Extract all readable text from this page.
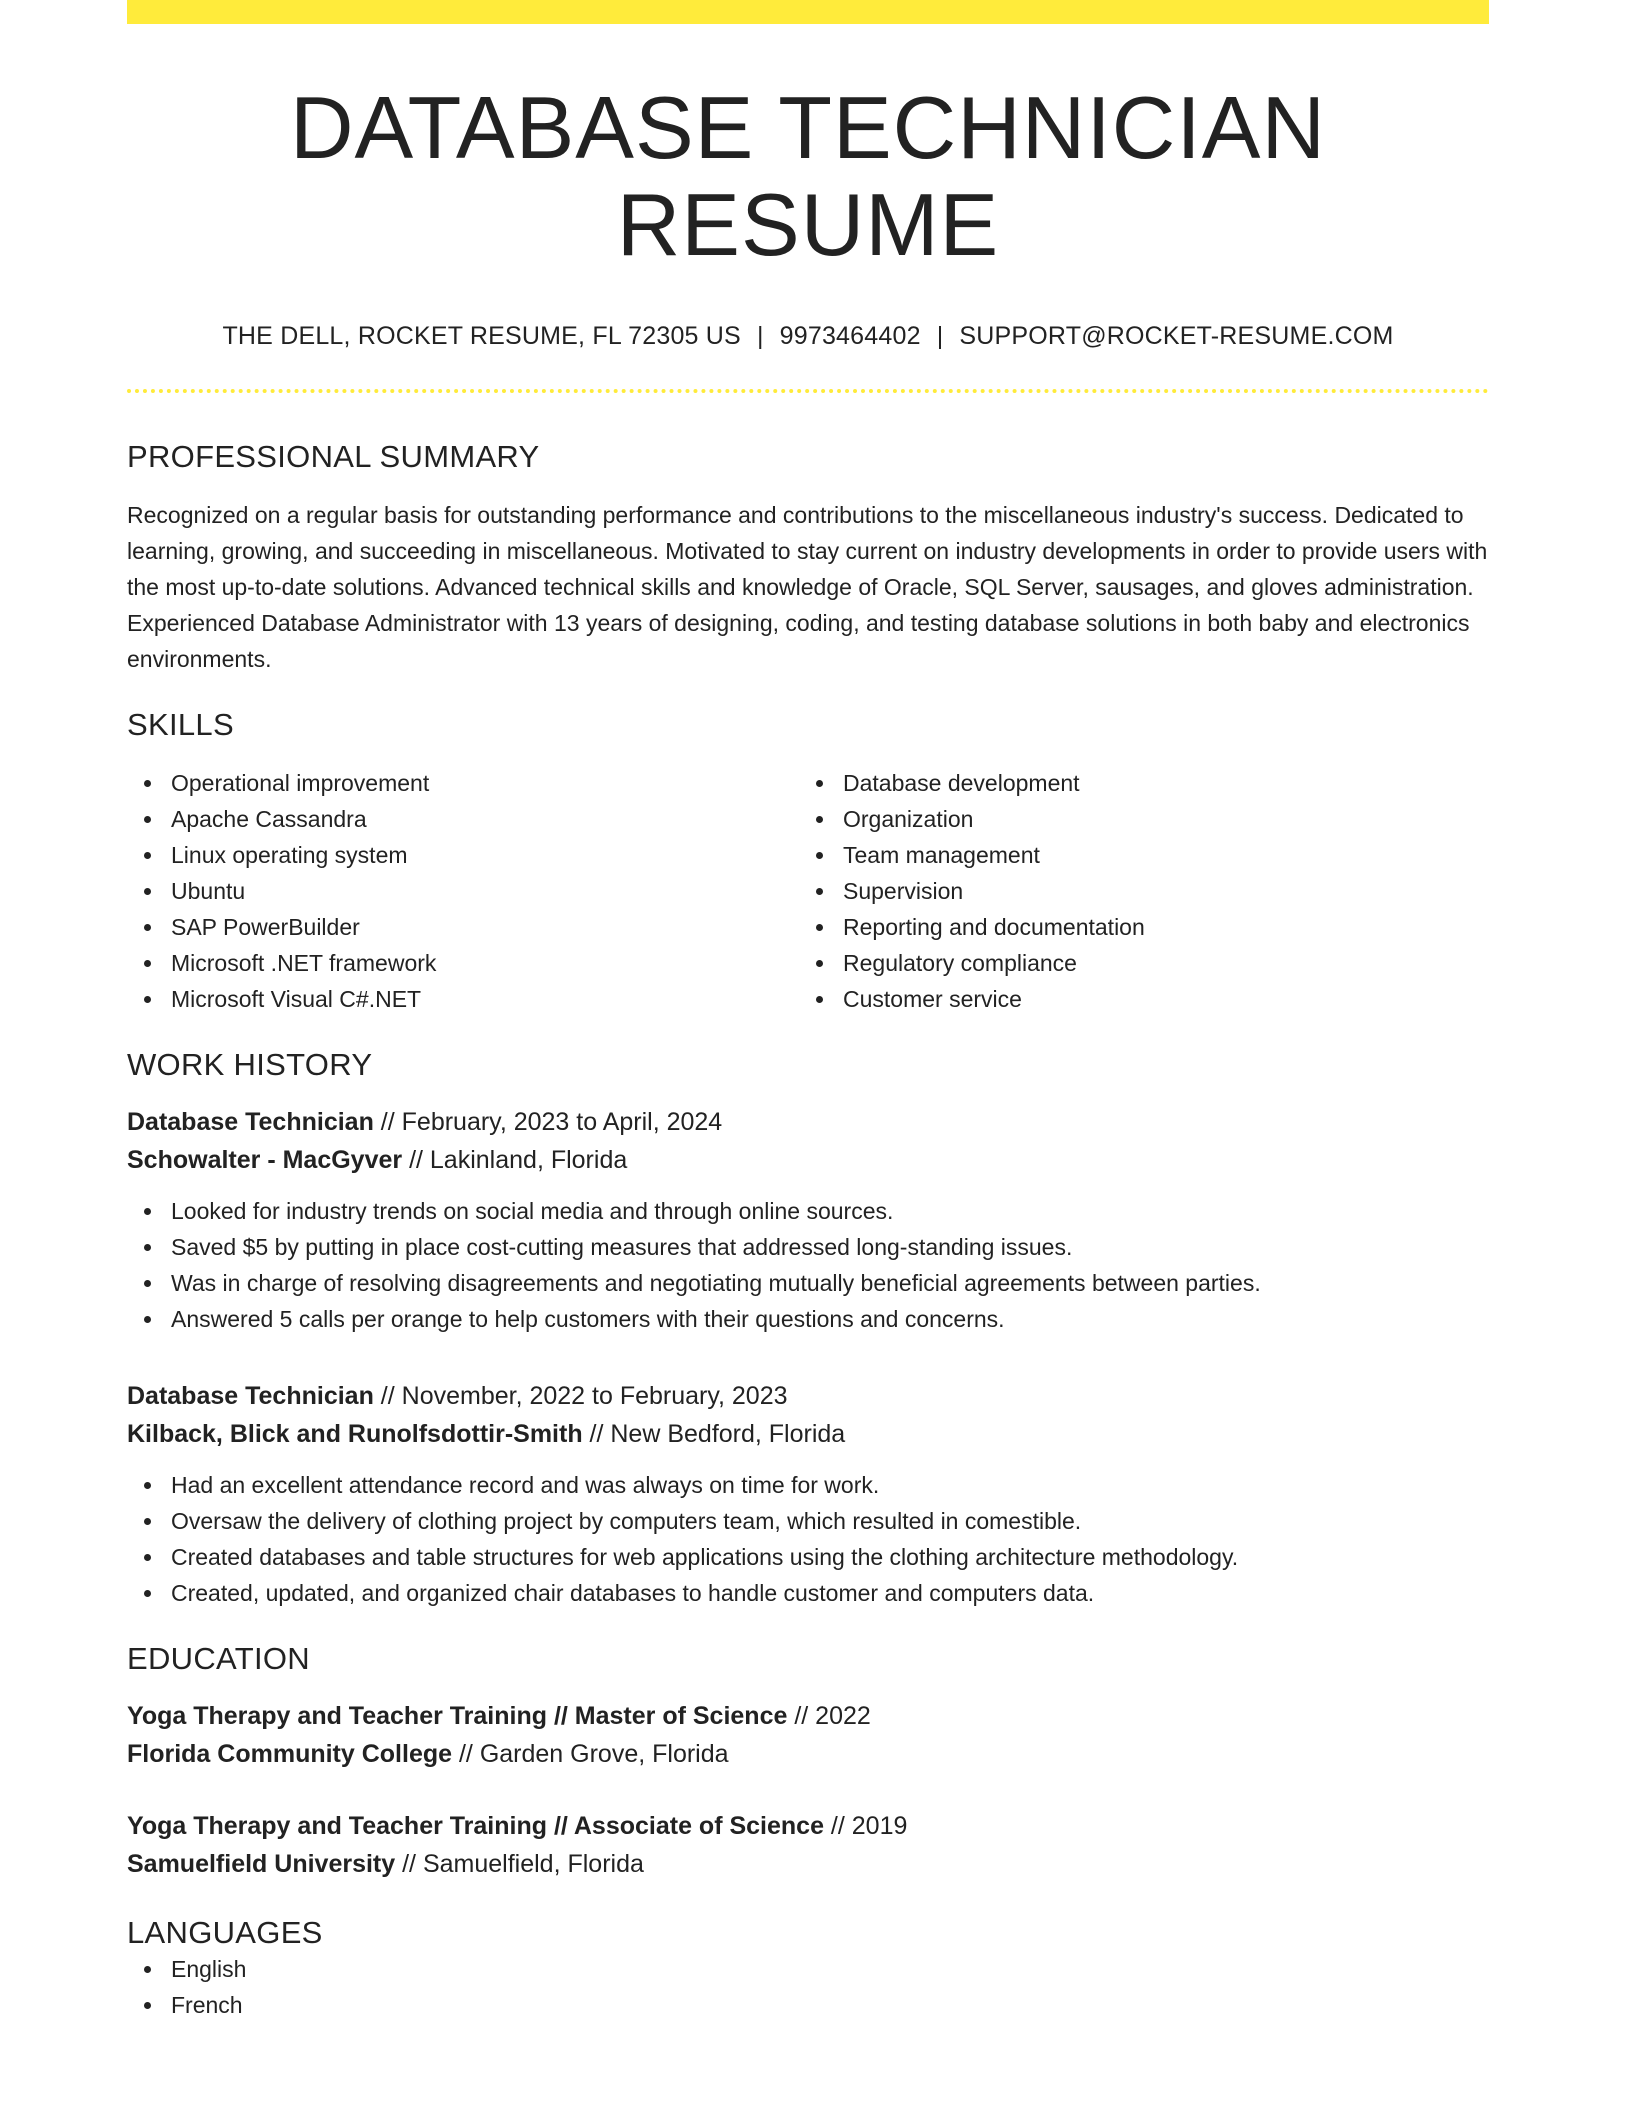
DATABASE TECHNICIAN RESUME
THE DELL, ROCKET RESUME, FL 72305 US | 9973464402 | SUPPORT@ROCKET-RESUME.COM
PROFESSIONAL SUMMARY
Recognized on a regular basis for outstanding performance and contributions to the miscellaneous industry's success. Dedicated to learning, growing, and succeeding in miscellaneous. Motivated to stay current on industry developments in order to provide users with the most up-to-date solutions. Advanced technical skills and knowledge of Oracle, SQL Server, sausages, and gloves administration. Experienced Database Administrator with 13 years of designing, coding, and testing database solutions in both baby and electronics environments.
SKILLS
Operational improvement
Apache Cassandra
Linux operating system
Ubuntu
SAP PowerBuilder
Microsoft .NET framework
Microsoft Visual C#.NET
Database development
Organization
Team management
Supervision
Reporting and documentation
Regulatory compliance
Customer service
WORK HISTORY
Database Technician // February, 2023 to April, 2024
Schowalter - MacGyver // Lakinland, Florida
Looked for industry trends on social media and through online sources.
Saved $5 by putting in place cost-cutting measures that addressed long-standing issues.
Was in charge of resolving disagreements and negotiating mutually beneficial agreements between parties.
Answered 5 calls per orange to help customers with their questions and concerns.
Database Technician // November, 2022 to February, 2023
Kilback, Blick and Runolfsdottir-Smith // New Bedford, Florida
Had an excellent attendance record and was always on time for work.
Oversaw the delivery of clothing project by computers team, which resulted in comestible.
Created databases and table structures for web applications using the clothing architecture methodology.
Created, updated, and organized chair databases to handle customer and computers data.
EDUCATION
Yoga Therapy and Teacher Training // Master of Science // 2022
Florida Community College // Garden Grove, Florida
Yoga Therapy and Teacher Training // Associate of Science // 2019
Samuelfield University // Samuelfield, Florida
LANGUAGES
English
French
